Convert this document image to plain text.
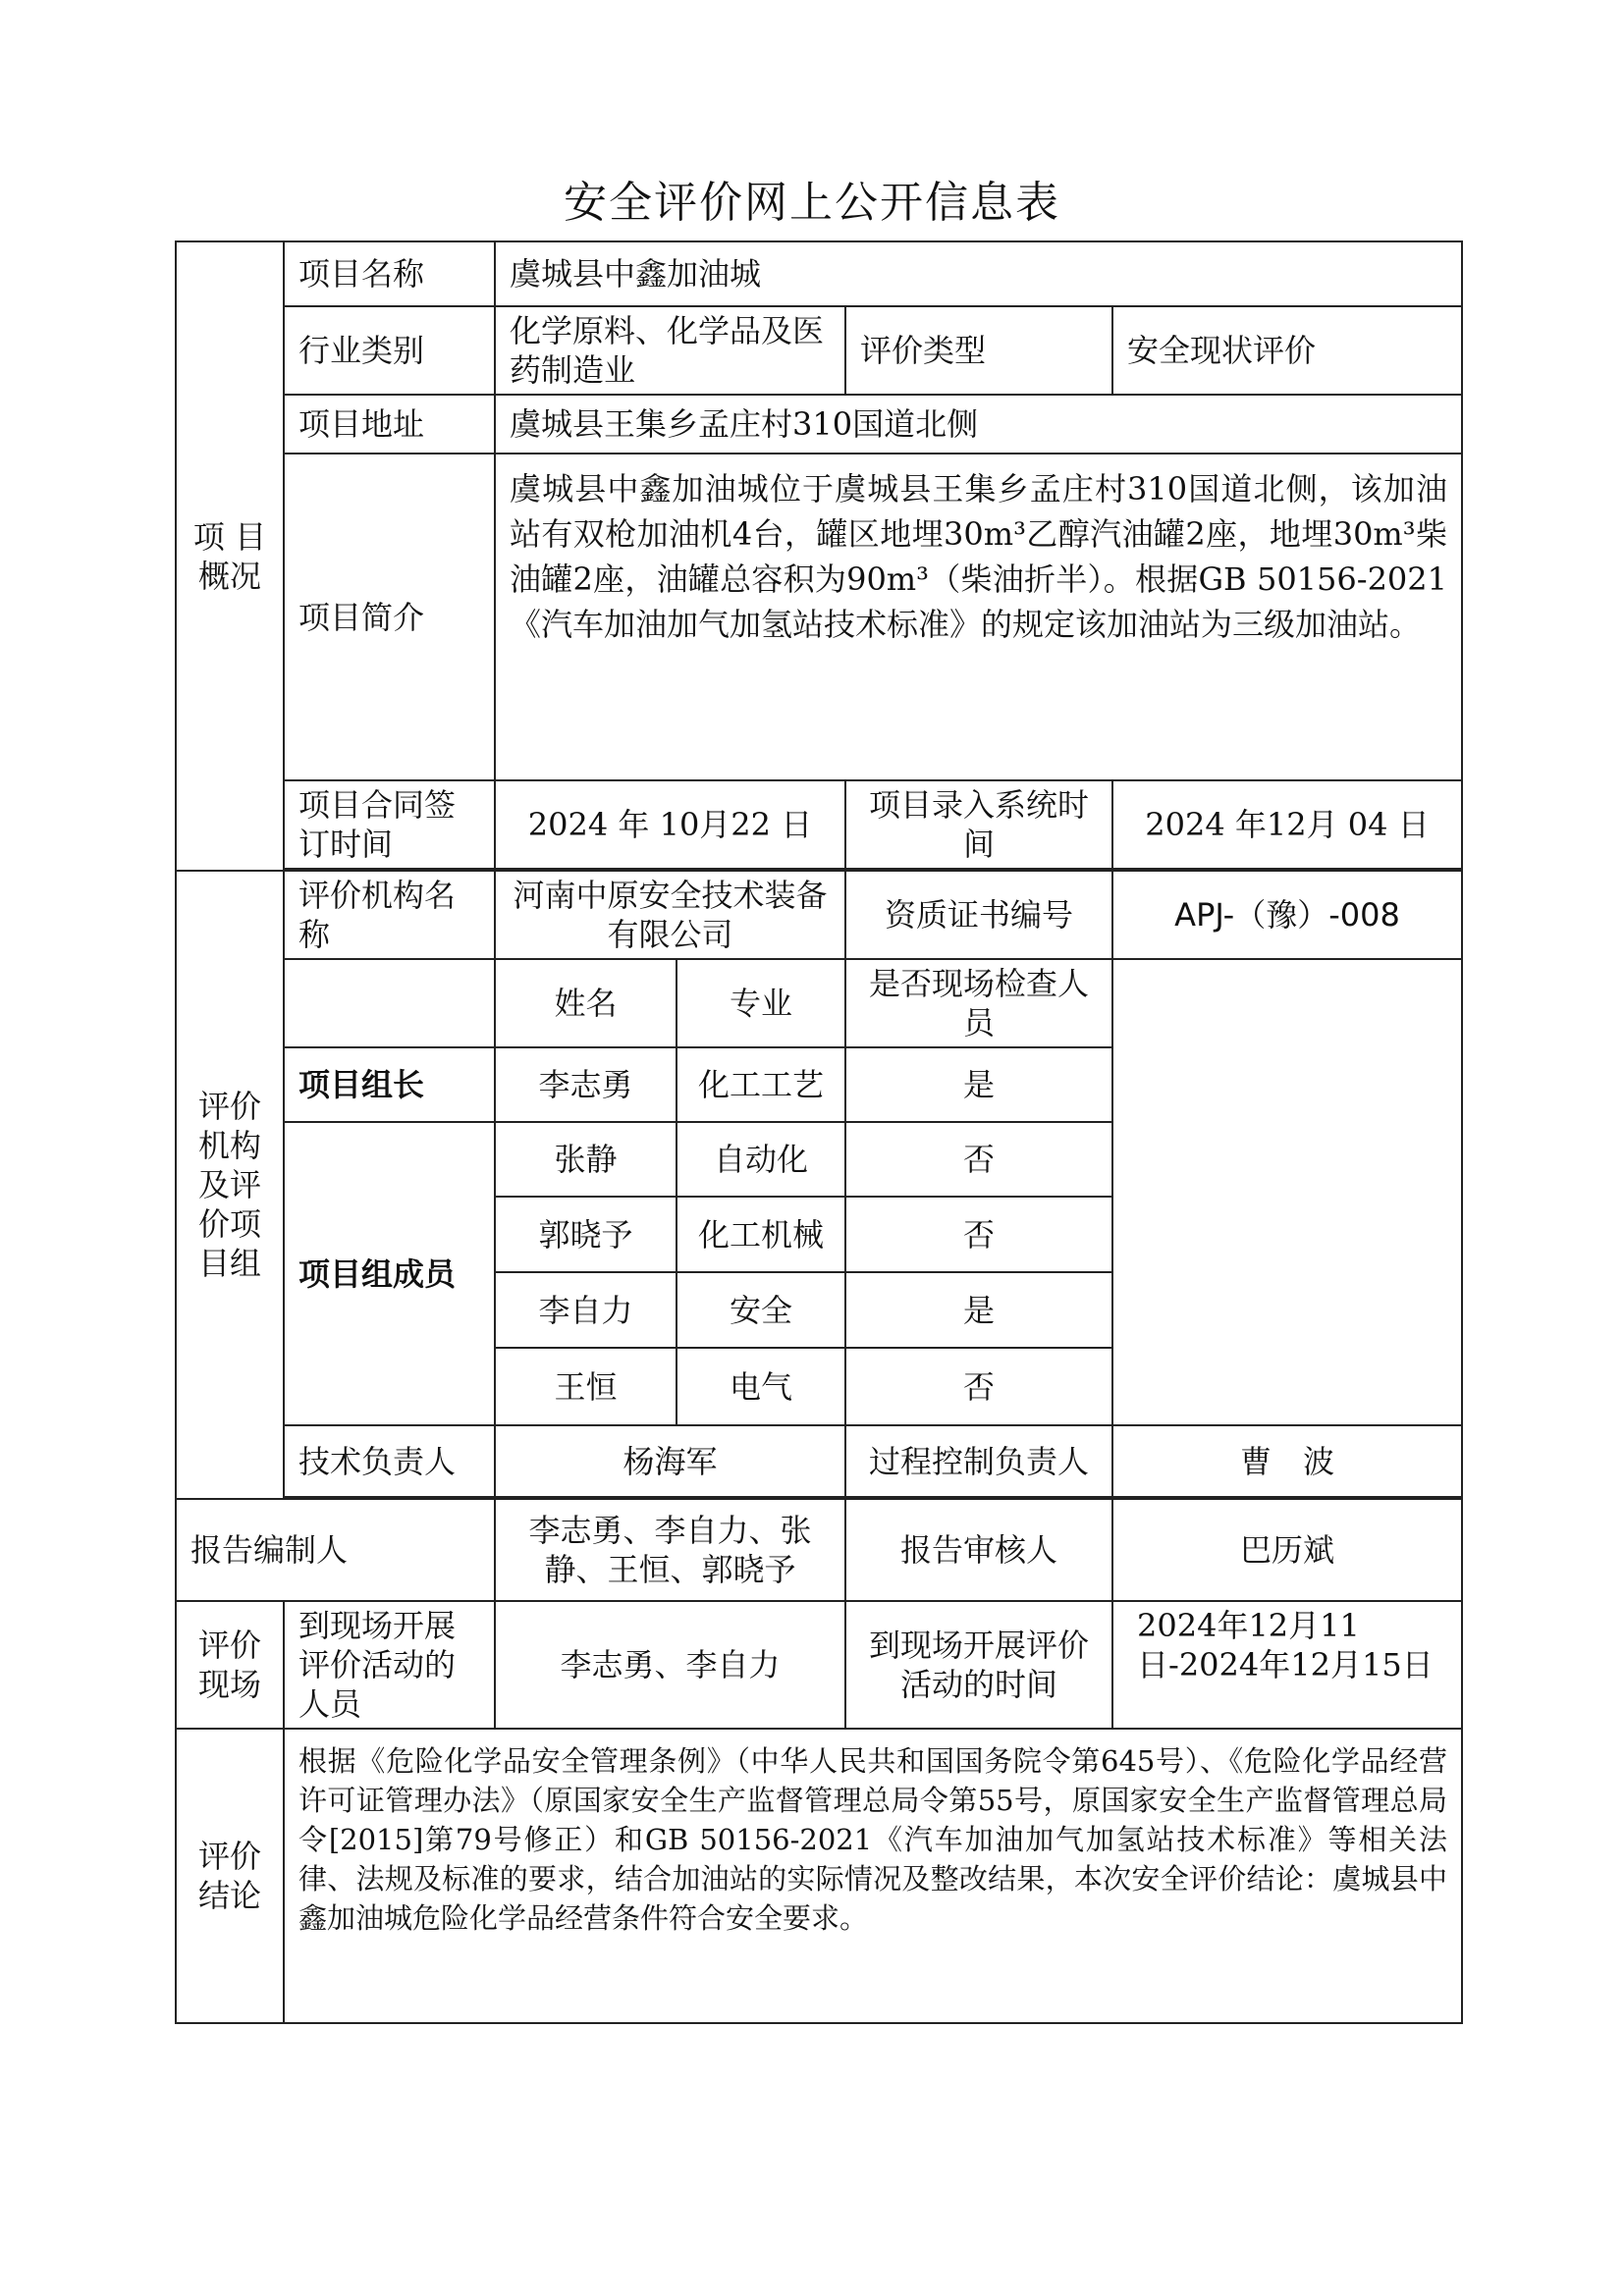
安全评价网上公开信息表
项 目
概况	项目名称	虞城县中鑫加油城			
	行业类别	化学原料、化学品及医药制造业		评价类型	安全现状评价
	项目地址	虞城县王集乡孟庄村310国道北侧			
	项目简介	虞城县中鑫加油城位于虞城县王集乡孟庄村310国道北侧，该加油站有双枪加油机4台，罐区地埋30m³乙醇汽油罐2座，地埋30m³柴油罐2座，油罐总容积为90m³（柴油折半）。根据GB 50156-2021《汽车加油加气加氢站技术标准》的规定该加油站为三级加油站。			
	项目合同签订时间	2024 年 10月22 日		项目录入系统时间	2024 年12月 04 日

评价机构及评价项目组	评价机构名称	河南中原安全技术装备有限公司		资质证书编号	APJ-（豫）-008
		姓名	专业	是否现场检查人员	
	项目组长	李志勇	化工工艺	是	
	项目组成员	张静	自动化	否	
		郭晓予	化工机械	否	
		李自力	安全	是	
		王恒	电气	否	
	技术负责人	杨海军		过程控制负责人	曹　波

报告编制人		李志勇、李自力、张静、王恒、郭晓予		报告审核人	巴历斌
评价
现场	到现场开展评价活动的人员	李志勇、李自力		到现场开展评价活动的时间	2024年12月11日-2024年12月15日
评价
结论	根据《危险化学品安全管理条例》（中华人民共和国国务院令第645号）、《危险化学品经营许可证管理办法》（原国家安全生产监督管理总局令第55号，原国家安全生产监督管理总局令[2015]第79号修正）和GB 50156-2021《汽车加油加气加氢站技术标准》等相关法律、法规及标准的要求，结合加油站的实际情况及整改结果，本次安全评价结论：虞城县中鑫加油城危险化学品经营条件符合安全要求。				
